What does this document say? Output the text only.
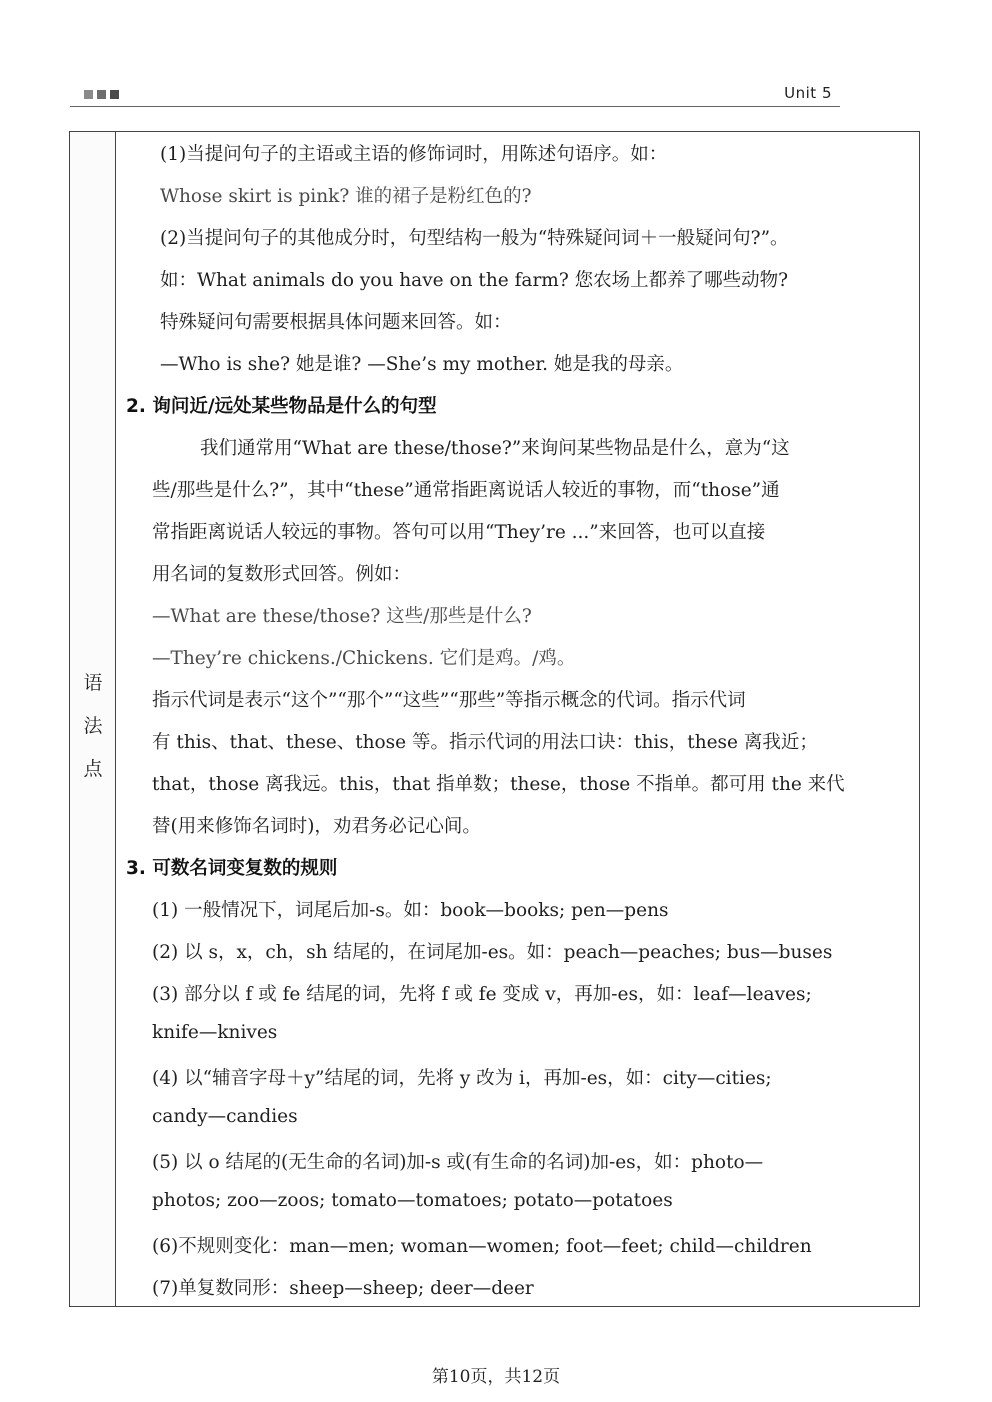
Unit 5
语
法
点
(1)当提问句子的主语或主语的修饰词时，用陈述句语序。如：
Whose skirt is pink? 谁的裙子是粉红色的?
(2)当提问句子的其他成分时，句型结构一般为“特殊疑问词＋一般疑问句?”。
如：What animals do you have on the farm? 您农场上都养了哪些动物?
特殊疑问句需要根据具体问题来回答。如：
—Who is she? 她是谁? —She’s my mother. 她是我的母亲。
2. 询问近/远处某些物品是什么的句型
我们通常用“What are these/those?”来询问某些物品是什么，意为“这
些/那些是什么?”，其中“these”通常指距离说话人较近的事物，而“those”通
常指距离说话人较远的事物。答句可以用“They’re ...”来回答，也可以直接
用名词的复数形式回答。例如：
—What are these/those? 这些/那些是什么?
—They’re chickens./Chickens. 它们是鸡。/鸡。
指示代词是表示“这个”“那个”“这些”“那些”等指示概念的代词。指示代词
有 this、that、these、those 等。指示代词的用法口诀：this，these 离我近；
that，those 离我远。this，that 指单数；these，those 不指单。都可用 the 来代
替(用来修饰名词时)，劝君务必记心间。
3. 可数名词变复数的规则
(1) 一般情况下，词尾后加-s。如：book—books; pen—pens
(2) 以 s，x，ch，sh 结尾的，在词尾加-es。如：peach—peaches; bus—buses
(3) 部分以 f 或 fe 结尾的词，先将 f 或 fe 变成 v，再加-es，如：leaf—leaves;
knife—knives
(4) 以“辅音字母＋y”结尾的词，先将 y 改为 i，再加-es，如：city—cities;
candy—candies
(5) 以 o 结尾的(无生命的名词)加-s 或(有生命的名词)加-es，如：photo—
photos; zoo—zoos; tomato—tomatoes; potato—potatoes
(6)不规则变化：man—men; woman—women; foot—feet; child—children
(7)单复数同形：sheep—sheep; deer—deer
第10页，共12页
